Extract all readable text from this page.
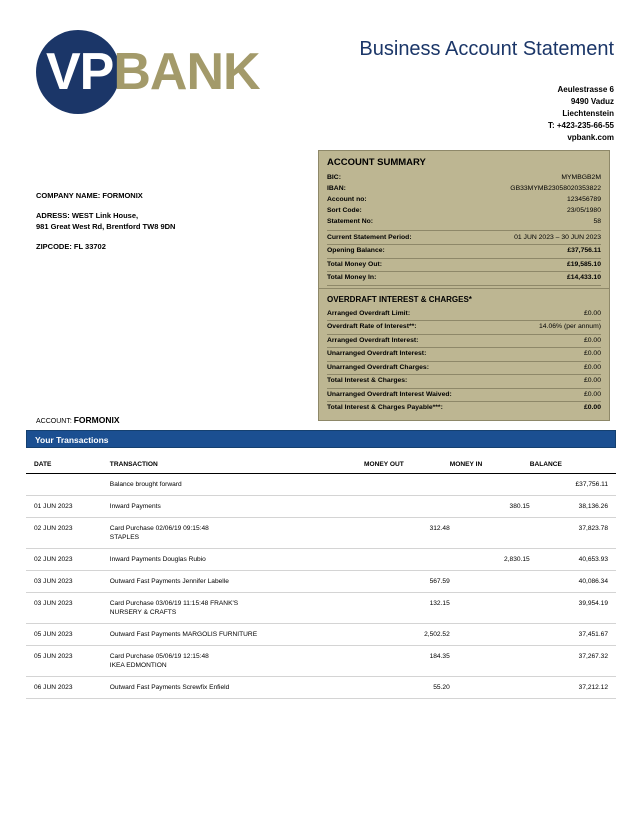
VPBANK	Business Account Statement
Aeulestrasse 6
9490 Vaduz
Liechtenstein
T: +423-235-66-55
vpbank.com
COMPANY NAME: FORMONIX
ADRESS: WEST Link House,
981 Great West Rd, Brentford TW8 9DN
ZIPCODE: FL 33702
ACCOUNT SUMMARY
BIC:	MYMBGB2M
IBAN:	GB33MYMB23058020353822
Account no:	123456789
Sort Code:	23/05/1980
Statement No:	58
Current Statement Period:	01 JUN 2023 – 30 JUN 2023
Opening Balance:	£37,756.11
Total Money Out:	£19,585.10
Total Money In:	£14,433.10
OVERDRAFT INTEREST & CHARGES*
Arranged Overdraft Limit:	£0.00
Overdraft Rate of Interest**:	14.06% (per annum)
Arranged Overdraft Interest:	£0.00
Unarranged Overdraft Interest:	£0.00
Unarranged Overdraft Charges:	£0.00
Total Interest & Charges:	£0.00
Unarranged Overdraft Interest Waived:	£0.00
Total Interest & Charges Payable***:	£0.00
ACCOUNT: FORMONIX
Your Transactions
DATE	TRANSACTION	MONEY OUT	MONEY IN	BALANCE

	Balance brought forward			£37,756.11
01 JUN 2023	Inward Payments		380.15	38,136.26
02 JUN 2023	Card Purchase 02/06/19 09:15:48
STAPLES	312.48		37,823.78
02 JUN 2023	Inward Payments Douglas Rubio		2,830.15	40,653.93
03 JUN 2023	Outward Fast Payments Jennifer Labelle	567.59		40,086.34
03 JUN 2023	Card Purchase 03/06/19 11:15:48 FRANK'S
NURSERY & CRAFTS	132.15		39,954.19
05 JUN 2023	Outward Fast Payments MARGOLIS FURNITURE	2,502.52		37,451.67
05 JUN 2023	Card Purchase 05/06/19 12:15:48
IKEA EDMONTION	184.35		37,267.32
06 JUN 2023	Outward Fast Payments Screwfix Enfield	55.20		37,212.12
